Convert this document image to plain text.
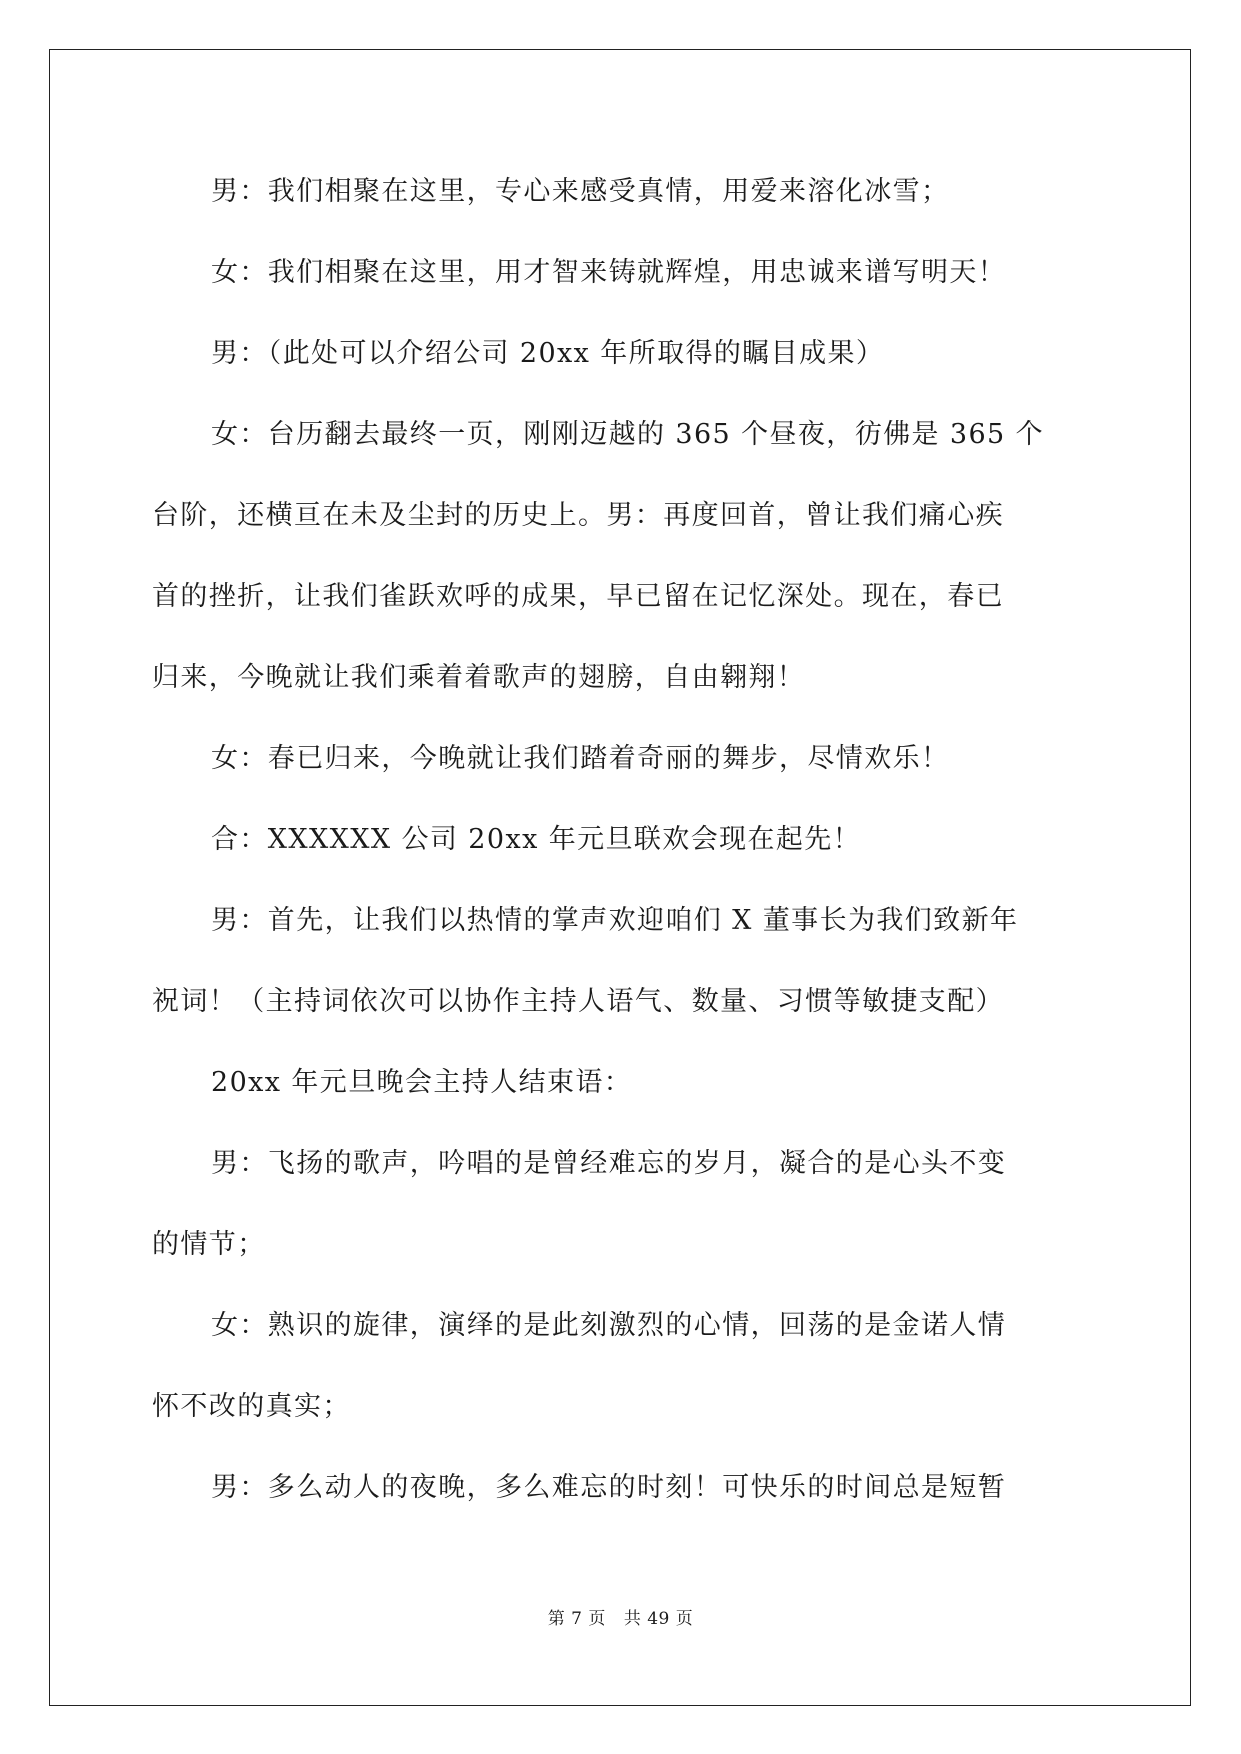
男：我们相聚在这里，专心来感受真情，用爱来溶化冰雪；
女：我们相聚在这里，用才智来铸就辉煌，用忠诚来谱写明天！
男：（此处可以介绍公司 20xx 年所取得的瞩目成果）
女：台历翻去最终一页，刚刚迈越的 365 个昼夜，彷佛是 365 个
台阶，还横亘在未及尘封的历史上。男：再度回首，曾让我们痛心疾
首的挫折，让我们雀跃欢呼的成果，早已留在记忆深处。现在，春已
归来，今晚就让我们乘着着歌声的翅膀，自由翱翔！
女：春已归来，今晚就让我们踏着奇丽的舞步，尽情欢乐！
合：XXXXXX 公司 20xx 年元旦联欢会现在起先！
男：首先，让我们以热情的掌声欢迎咱们 X 董事长为我们致新年
祝词！（主持词依次可以协作主持人语气、数量、习惯等敏捷支配）
20xx 年元旦晚会主持人结束语：
男：飞扬的歌声，吟唱的是曾经难忘的岁月，凝合的是心头不变
的情节；
女：熟识的旋律，演绎的是此刻激烈的心情，回荡的是金诺人情
怀不改的真实；
男：多么动人的夜晚，多么难忘的时刻！可快乐的时间总是短暂
第 7 页 共 49 页
